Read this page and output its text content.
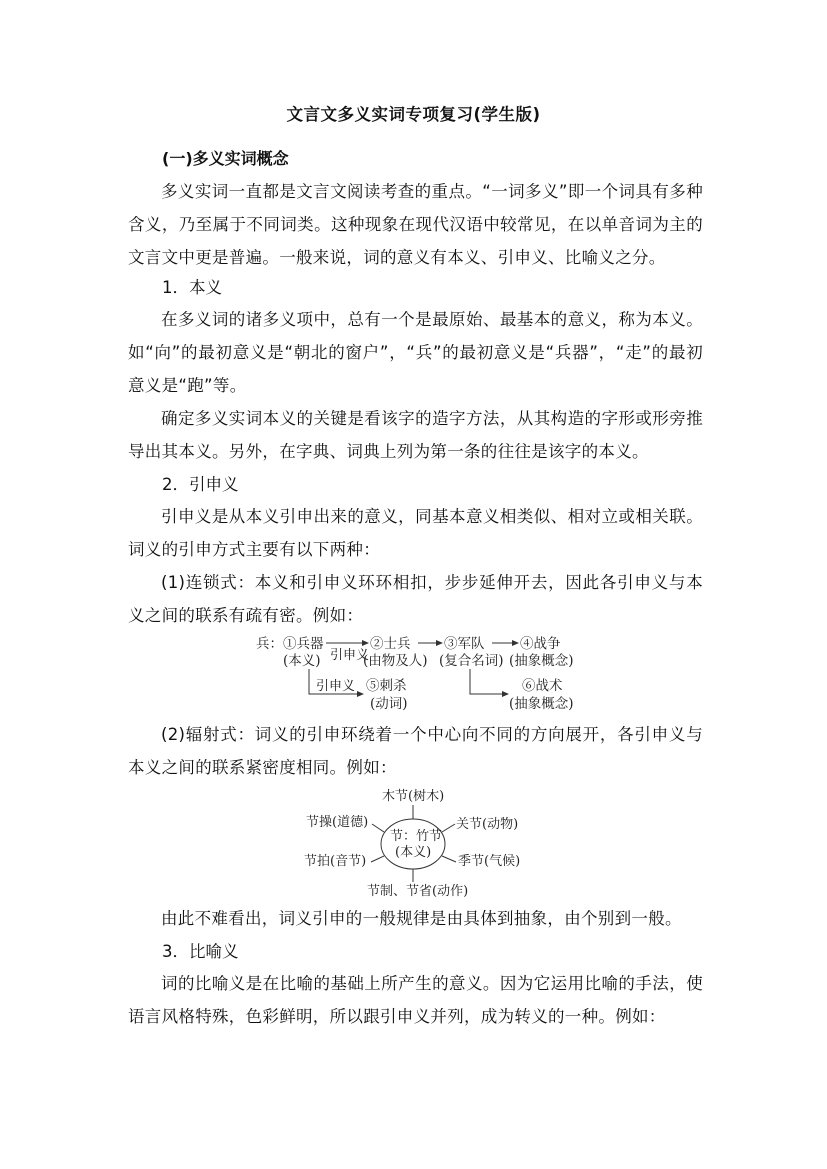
文言文多义实词专项复习(学生版)
(一)多义实词概念
多义实词一直都是文言文阅读考查的重点。“一词多义”即一个词具有多种含义，乃至属于不同词类。这种现象在现代汉语中较常见，在以单音词为主的文言文中更是普遍。一般来说，词的意义有本义、引申义、比喻义之分。
1．本义
在多义词的诸多义项中，总有一个是最原始、最基本的意义，称为本义。如“向”的最初意义是“朝北的窗户”，“兵”的最初意义是“兵器”，“走”的最初意义是“跑”等。
确定多义实词本义的关键是看该字的造字方法，从其构造的字形或形旁推导出其本义。另外，在字典、词典上列为第一条的往往是该字的本义。
2．引申义
引申义是从本义引申出来的意义，同基本意义相类似、相对立或相关联。词义的引申方式主要有以下两种：
(1)连锁式：本义和引申义环环相扣，步步延伸开去，因此各引申义与本义之间的联系有疏有密。例如：
兵：①兵器
(本义) 引申义
②士兵
(由物及人)
③军队
(复合名词)
④战争
(抽象概念)
引申义 ⑤刺杀
(动词)
⑥战术
(抽象概念)
(2)辐射式：词义的引申环绕着一个中心向不同的方向展开，各引申义与本义之间的联系紧密度相同。例如：
节：竹节
(本义)
木节(树木)
节操(道德)	关节(动物)
节拍(音节)	季节(气候)
节制、节省(动作)
由此不难看出，词义引申的一般规律是由具体到抽象，由个别到一般。
3．比喻义
词的比喻义是在比喻的基础上所产生的意义。因为它运用比喻的手法，使语言风格特殊，色彩鲜明，所以跟引申义并列，成为转义的一种。例如：
